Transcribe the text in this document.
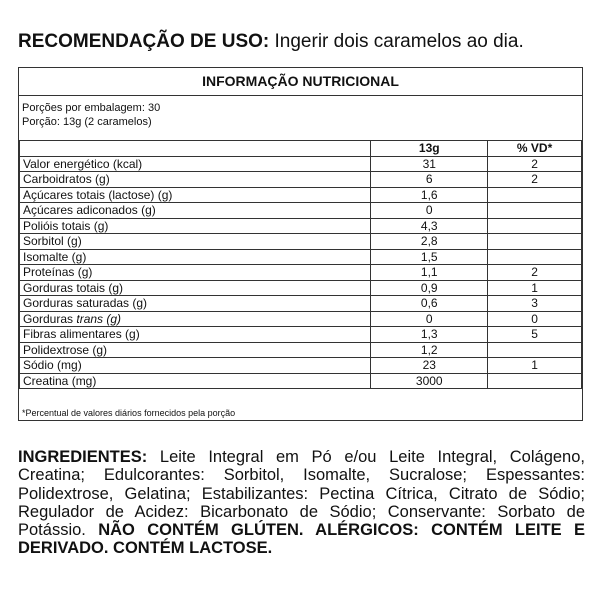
RECOMENDAÇÃO DE USO: Ingerir dois caramelos ao dia.
INFORMAÇÃO NUTRICIONAL
Porções por embalagem: 30
Porção: 13g (2 caramelos)
	13g	% VD*
Valor energético (kcal)	31	2
Carboidratos (g)	6	2
Açúcares totais (lactose) (g)	1,6	
Açúcares adiconados (g)	0	
Polióis totais (g)	4,3	
Sorbitol (g)	2,8	
Isomalte (g)	1,5	
Proteínas (g)	1,1	2
Gorduras totais (g)	0,9	1
Gorduras saturadas (g)	0,6	3
Gorduras trans (g)	0	0
Fibras alimentares (g)	1,3	5
Polidextrose (g)	1,2	
Sódio (mg)	23	1
Creatina (mg)	3000	
*Percentual de valores diários fornecidos pela porção
INGREDIENTES: Leite Integral em Pó e/ou Leite Integral, Colágeno, Creatina; Edulcorantes: Sorbitol, Isomalte, Sucralose; Espessantes: Polidextrose, Gelatina; Estabilizantes: Pectina Cítrica, Citrato de Sódio; Regulador de Acidez: Bicarbonato de Sódio; Conservante: Sorbato de Potássio. NÃO CONTÉM GLÚTEN. ALÉRGICOS: CONTÉM LEITE E DERIVADO. CONTÉM LACTOSE.
